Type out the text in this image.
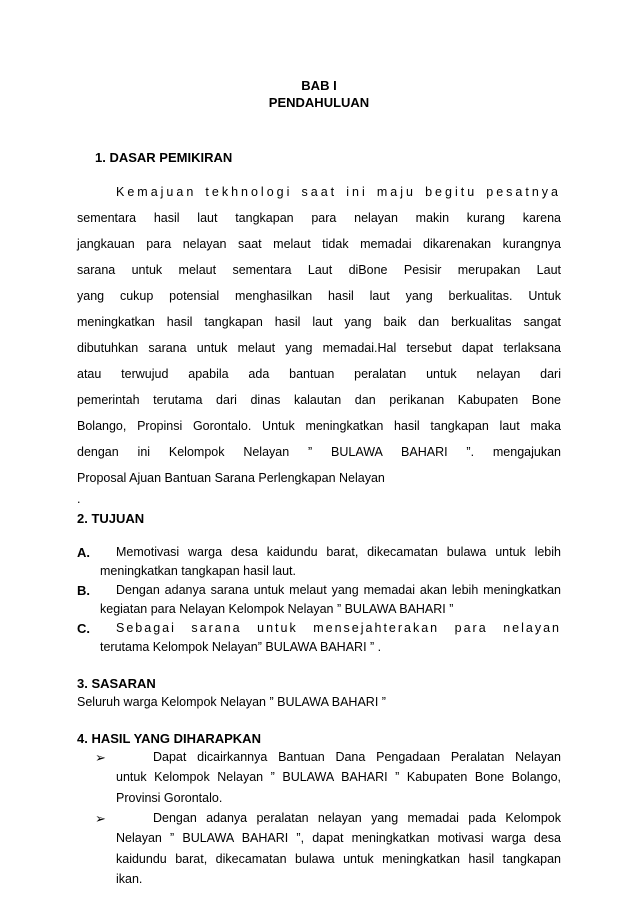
BAB I
PENDAHULUAN
1. DASAR PEMIKIRAN
Kemajuan tekhnologi saat ini maju begitu pesatnya
sementara hasil laut tangkapan para nelayan makin kurang karena
jangkauan para nelayan saat melaut tidak memadai dikarenakan kurangnya
sarana untuk melaut sementara Laut diBone Pesisir merupakan Laut
yang cukup potensial menghasilkan hasil laut yang berkualitas. Untuk
meningkatkan hasil tangkapan hasil laut yang baik dan berkualitas sangat
dibutuhkan sarana untuk melaut yang memadai.Hal tersebut dapat terlaksana
atau terwujud apabila ada bantuan peralatan untuk nelayan dari
pemerintah terutama dari dinas kalautan dan perikanan Kabupaten Bone
Bolango, Propinsi Gorontalo. Untuk meningkatkan hasil tangkapan laut maka
dengan ini Kelompok Nelayan ” BULAWA BAHARI ”. mengajukan
Proposal Ajuan Bantuan Sarana Perlengkapan Nelayan
.
2. TUJUAN
A. Memotivasi warga desa kaidundu barat, dikecamatan bulawa untuk lebih
meningkatkan tangkapan hasil laut.
B. Dengan adanya sarana untuk melaut yang memadai akan lebih meningkatkan
kegiatan para Nelayan Kelompok Nelayan ” BULAWA BAHARI ”
C. Sebagai sarana untuk mensejahterakan para nelayan
terutama Kelompok Nelayan” BULAWA BAHARI ” .
3. SASARAN
Seluruh warga Kelompok Nelayan ” BULAWA BAHARI ”
4. HASIL YANG DIHARAPKAN
➢	Dapat dicairkannya Bantuan Dana Pengadaan Peralatan Nelayan
untuk Kelompok Nelayan ” BULAWA BAHARI ” Kabupaten Bone Bolango,
Provinsi Gorontalo.
➢	Dengan adanya peralatan nelayan yang memadai pada Kelompok
Nelayan ” BULAWA BAHARI ”, dapat meningkatkan motivasi warga desa
kaidundu barat, dikecamatan bulawa untuk meningkatkan hasil tangkapan
ikan.
